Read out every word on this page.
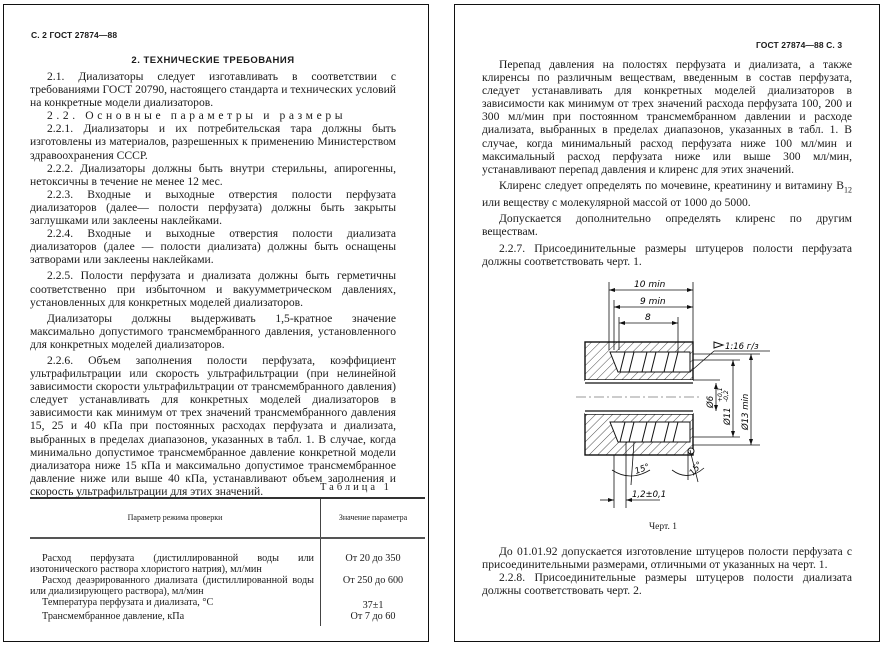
С. 2 ГОСТ 27874—88
2. ТЕХНИЧЕСКИЕ ТРЕБОВАНИЯ

2.1. Диализаторы следует изготавливать в соответствии с требованиями ГОСТ 20790, настоящего стандарта и технических условий на конкретные модели диализаторов.

2.2. Основные параметры и размеры

2.2.1. Диализаторы и их потребительская тара должны быть изготовлены из материалов, разрешенных к применению Министерством здравоохранения СССР.

2.2.2. Диализаторы должны быть внутри стерильны, апирогенны, нетоксичны в течение не менее 12 мес.

2.2.3. Входные и выходные отверстия полости перфузата диализаторов (далее— полости перфузата) должны быть закрыты заглушками или заклеены наклейками.

2.2.4. Входные и выходные отверстия полости диализата диализаторов (далее — полости диализата) должны быть оснащены затворами или заклеены наклейками.

2.2.5. Полости перфузата и диализата должны быть герметичны соответственно при избыточном и вакуумметрическом давлениях, установленных для конкретных моделей диализаторов.

Диализаторы должны выдерживать 1,5-кратное значение максимально допустимого трансмембранного давления, установленного для конкретных моделей диализаторов.

2.2.6. Объем заполнения полости перфузата, коэффициент ультрафильтрации или скорость ультрафильтрации (при нелинейной зависимости скорости ультрафильтрации от трансмембранного давления) следует устанавливать для конкретных моделей диализаторов в зависимости как минимум от трех значений трансмембранного давления 15, 25 и 40 кПа при постоянных расходах перфузата и диализата, выбранных в пределах диапазонов, указанных в табл. 1. В случае, когда минимально допустимое трансмембранное давление конкретной модели диализатора ниже 15 кПа и максимально допустимое трансмембранное давление ниже или выше 40 кПа, устанавливают объем заполнения и скорость ультрафильтрации для этих значений.	Таблица 1
Параметр режима проверки	Значение параметра
Расход перфузата (дистиллированной воды или изотонического раствора хлористого натрия), мл/мин	От 20 до 350
Расход деаэрированного диализата (дистиллированной воды или диализирующего раствора), мл/мин	От 250 до 600
Температура перфузата и диализата, °С	37±1
Трансмембранное давление, кПа	От 7 до 60
ГОСТ 27874—88 С. 3

Перепад давления на полостях перфузата и диализата, а также клиренсы по различным веществам, введенным в состав перфузата, следует устанавливать для конкретных моделей диализаторов в зависимости как минимум от трех значений расхода перфузата 100, 200 и 300 мл/мин при постоянном трансмембранном давлении и расходе диализата, выбранных в пределах диапазонов, указанных в табл. 1. В случае, когда минимальный расход перфузата ниже 100 мл/мин и максимальный расход перфузата ниже или выше 300 мл/мин, устанавливают перепад давления и клиренс для этих значений.

Клиренс следует определять по мочевине, креатинину и витамину $В_{12}$ или веществу с молекулярной массой от 1000 до 5000.

Допускается дополнительно определять клиренс по другим веществам.

2.2.7. Присоединительные размеры штуцеров полости перфузата должны соответствовать черт. 1.

10 min
9 min
8
1:16 г/з
Ø6
Ø11
+0,1 -0,2 Ø13 min
15°	15°
1,2±0,1
Черт. 1

До 01.01.92 допускается изготовление штуцеров полости перфузата с присоединительными размерами, отличными от указанных на черт. 1.

2.2.8. Присоединительные размеры штуцеров полости диализата должны соответствовать черт. 2.
